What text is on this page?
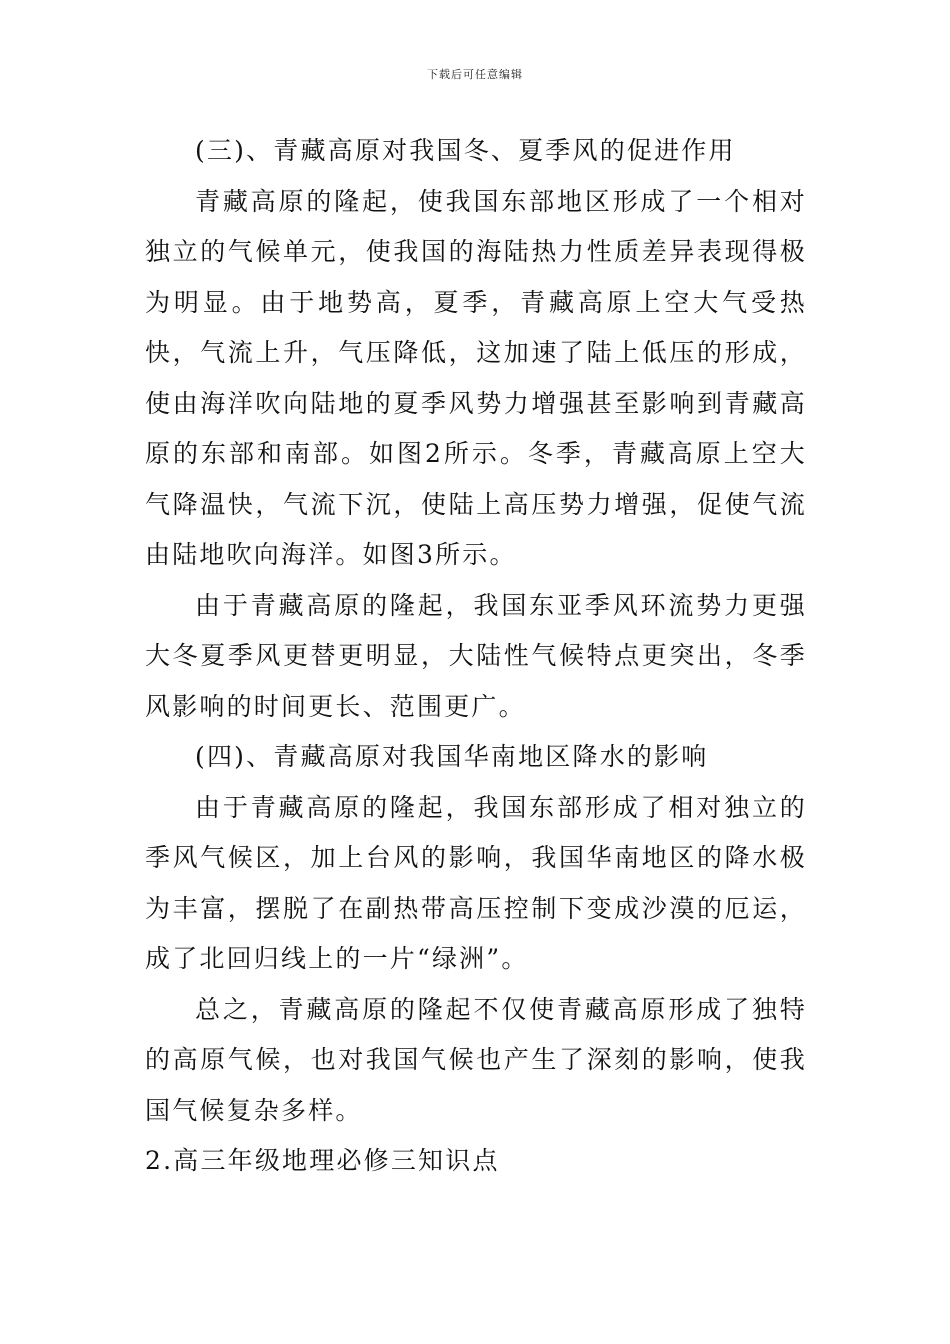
下载后可任意编辑

(三)、青藏高原对我国冬、夏季风的促进作用

青藏高原的隆起，使我国东部地区形成了一个相对独立的气候单元，使我国的海陆热力性质差异表现得极为明显。由于地势高，夏季，青藏高原上空大气受热快，气流上升，气压降低，这加速了陆上低压的形成，使由海洋吹向陆地的夏季风势力增强甚至影响到青藏高原的东部和南部。如图2所示。冬季，青藏高原上空大气降温快，气流下沉，使陆上高压势力增强，促使气流由陆地吹向海洋。如图3所示。

由于青藏高原的隆起，我国东亚季风环流势力更强大冬夏季风更替更明显，大陆性气候特点更突出，冬季风影响的时间更长、范围更广。

(四)、青藏高原对我国华南地区降水的影响

由于青藏高原的隆起，我国东部形成了相对独立的季风气候区，加上台风的影响，我国华南地区的降水极为丰富，摆脱了在副热带高压控制下变成沙漠的厄运，成了北回归线上的一片“绿洲”。

总之，青藏高原的隆起不仅使青藏高原形成了独特的高原气候，也对我国气候也产生了深刻的影响，使我国气候复杂多样。

2.高三年级地理必修三知识点
